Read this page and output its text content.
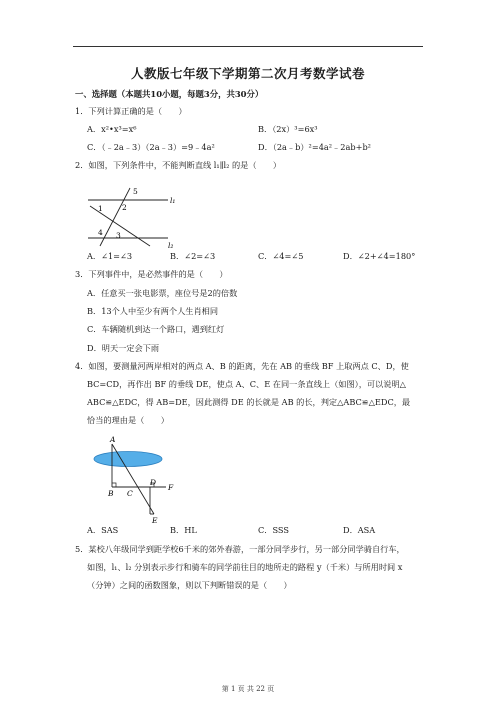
人教版七年级下学期第二次月考数学试卷
一、选择题（本题共10小题，每题3分，共30分）
1．下列计算正确的是（　　）
A．x²•x³=x⁶	B．（2x）³=6x³
C．（﹣2a﹣3）（2a﹣3）=9﹣4a²	D．（2a﹣b）²=4a²﹣2ab+b²
2．如图，下列条件中，不能判断直线 l₁∥l₂ 的是（　　）
5
1	2
l₁
4 3
l₂
A．∠1=∠3	B．∠2=∠3	C．∠4=∠5	D．∠2+∠4=180°
3．下列事件中，是必然事件的是（　　）
A．任意买一张电影票，座位号是2的倍数
B．13个人中至少有两个人生肖相同
C．车辆随机到达一个路口，遇到红灯
D．明天一定会下雨
4．如图，要测量河两岸相对的两点 A、B 的距离，先在 AB 的垂线 BF 上取两点 C、D，使
BC=CD，再作出 BF 的垂线 DE，使点 A、C、E 在同一条直线上（如图），可以说明△
ABC≌△EDC，得 AB=DE，因此测得 DE 的长就是 AB 的长，判定△ABC≌△EDC，最
恰当的理由是（　　）
A
B C
D
F
E
A．SAS	B．HL	C．SSS	D．ASA
5．某校八年级同学到距学校6千米的郊外春游，一部分同学步行，另一部分同学骑自行车，
如图，l₁、l₂ 分别表示步行和骑车的同学前往目的地所走的路程 y（千米）与所用时间 x
（分钟）之间的函数图象，则以下判断错误的是（　　）
第 1 页 共 22 页
